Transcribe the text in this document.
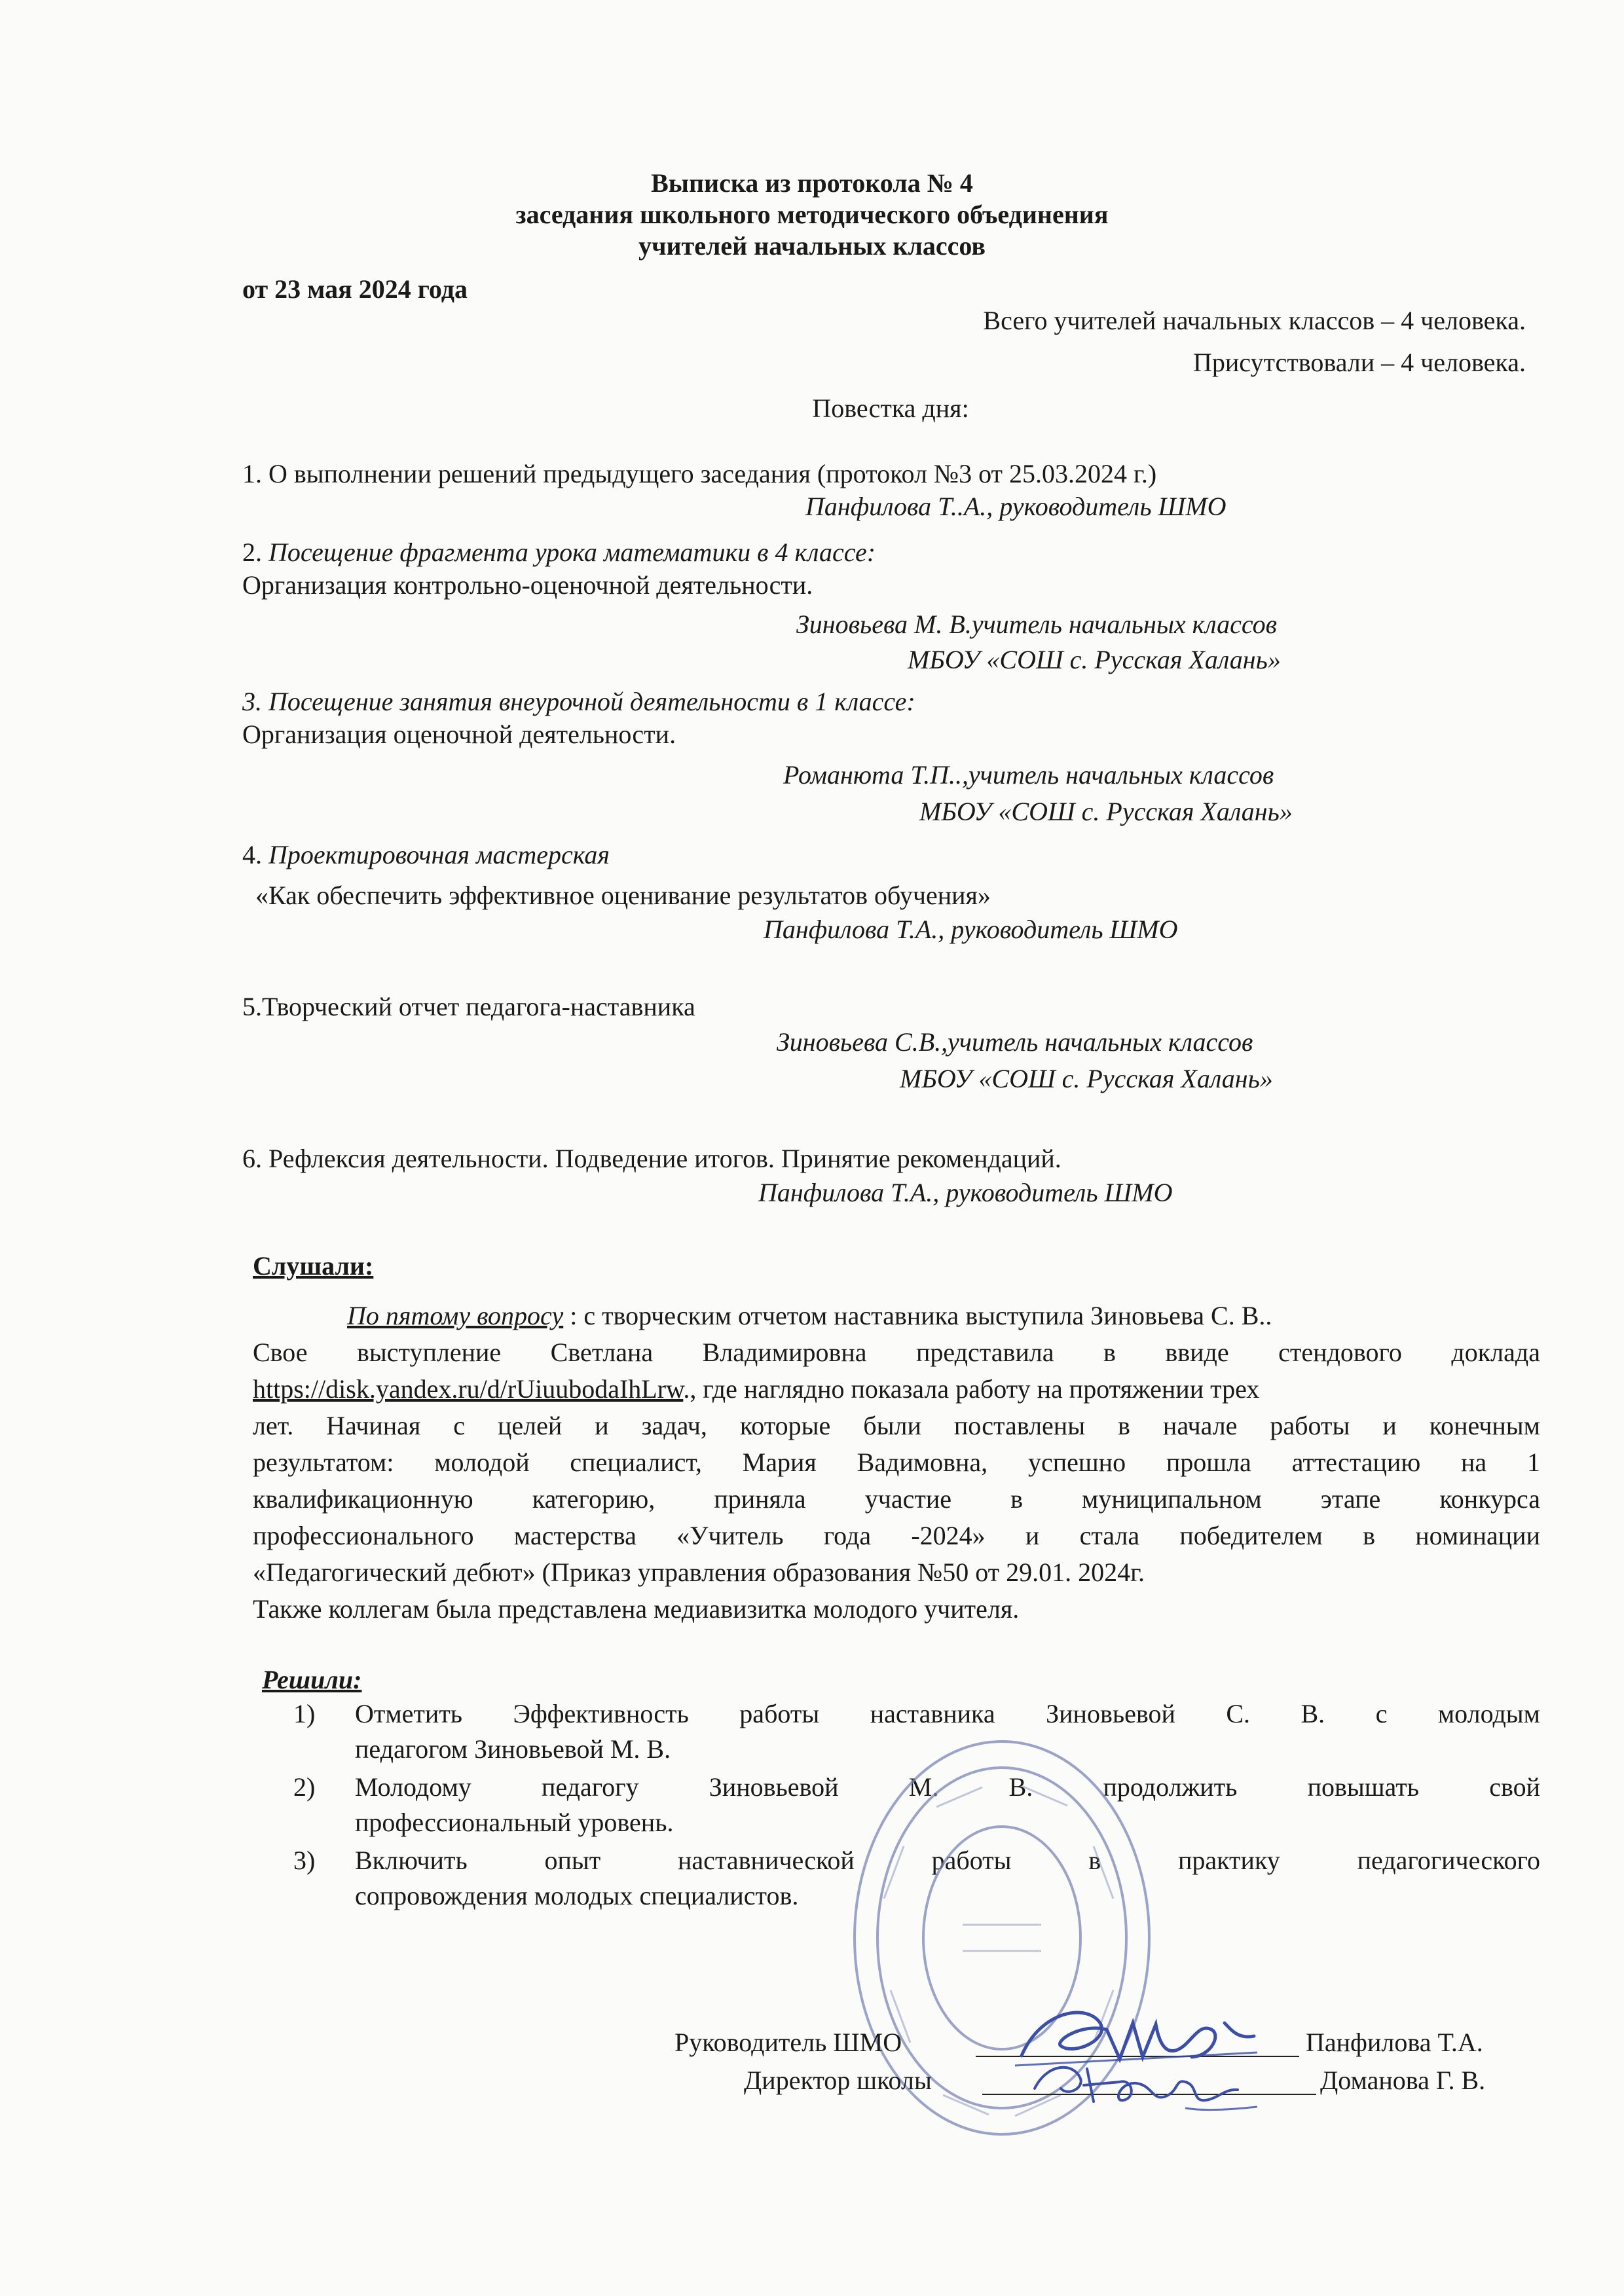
Выписка из протокола № 4
заседания школьного методического объединения
учителей начальных классов
от 23 мая 2024 года
Всего учителей начальных классов – 4 человека.
Присутствовали – 4 человека.
Повестка дня:
1. О выполнении решений предыдущего заседания (протокол №3 от 25.03.2024 г.)
Панфилова Т..А., руководитель ШМО
2. Посещение фрагмента урока математики в 4 классе:
Организация контрольно-оценочной деятельности.
Зиновьева М. В.учитель начальных классов
МБОУ «СОШ с. Русская Халань»
3. Посещение занятия внеурочной деятельности в 1 классе:
Организация оценочной деятельности.
Романюта Т.П..,учитель начальных классов
МБОУ «СОШ с. Русская Халань»
4. Проектировочная мастерская
«Как обеспечить эффективное оценивание результатов обучения»
Панфилова Т.А., руководитель ШМО
5.Творческий отчет педагога-наставника
Зиновьева С.В.,учитель начальных классов
МБОУ «СОШ с. Русская Халань»
6. Рефлексия деятельности. Подведение итогов. Принятие рекомендаций.
Панфилова Т.А., руководитель ШМО
Слушали:
По пятому вопросу : с творческим отчетом наставника выступила Зиновьева С. В..
Свое выступление Светлана Владимировна представила в ввиде стендового доклада
https://disk.yandex.ru/d/rUiuubodaIhLrw., где наглядно показала работу на протяжении трех
лет. Начиная с целей и задач, которые были поставлены в начале работы и конечным
результатом: молодой специалист, Мария Вадимовна, успешно прошла аттестацию на 1
квалификационную категорию, приняла участие в муниципальном этапе конкурса
профессионального мастерства «Учитель года -2024» и стала победителем в номинации
«Педагогический дебют» (Приказ управления образования №50 от 29.01. 2024г.
Также коллегам была представлена медиавизитка молодого учителя.
Решили:
1) Отметить Эффективность работы наставника Зиновьевой С. В. с молодым
педагогом Зиновьевой М. В.
2) Молодому педагогу Зиновьевой М. В. продолжить повышать свой
профессиональный уровень.
3) Включить опыт наставнической работы в практику педагогического
сопровождения молодых специалистов.
Руководитель ШМО	Панфилова Т.А.
Директор школы	Доманова Г. В.
